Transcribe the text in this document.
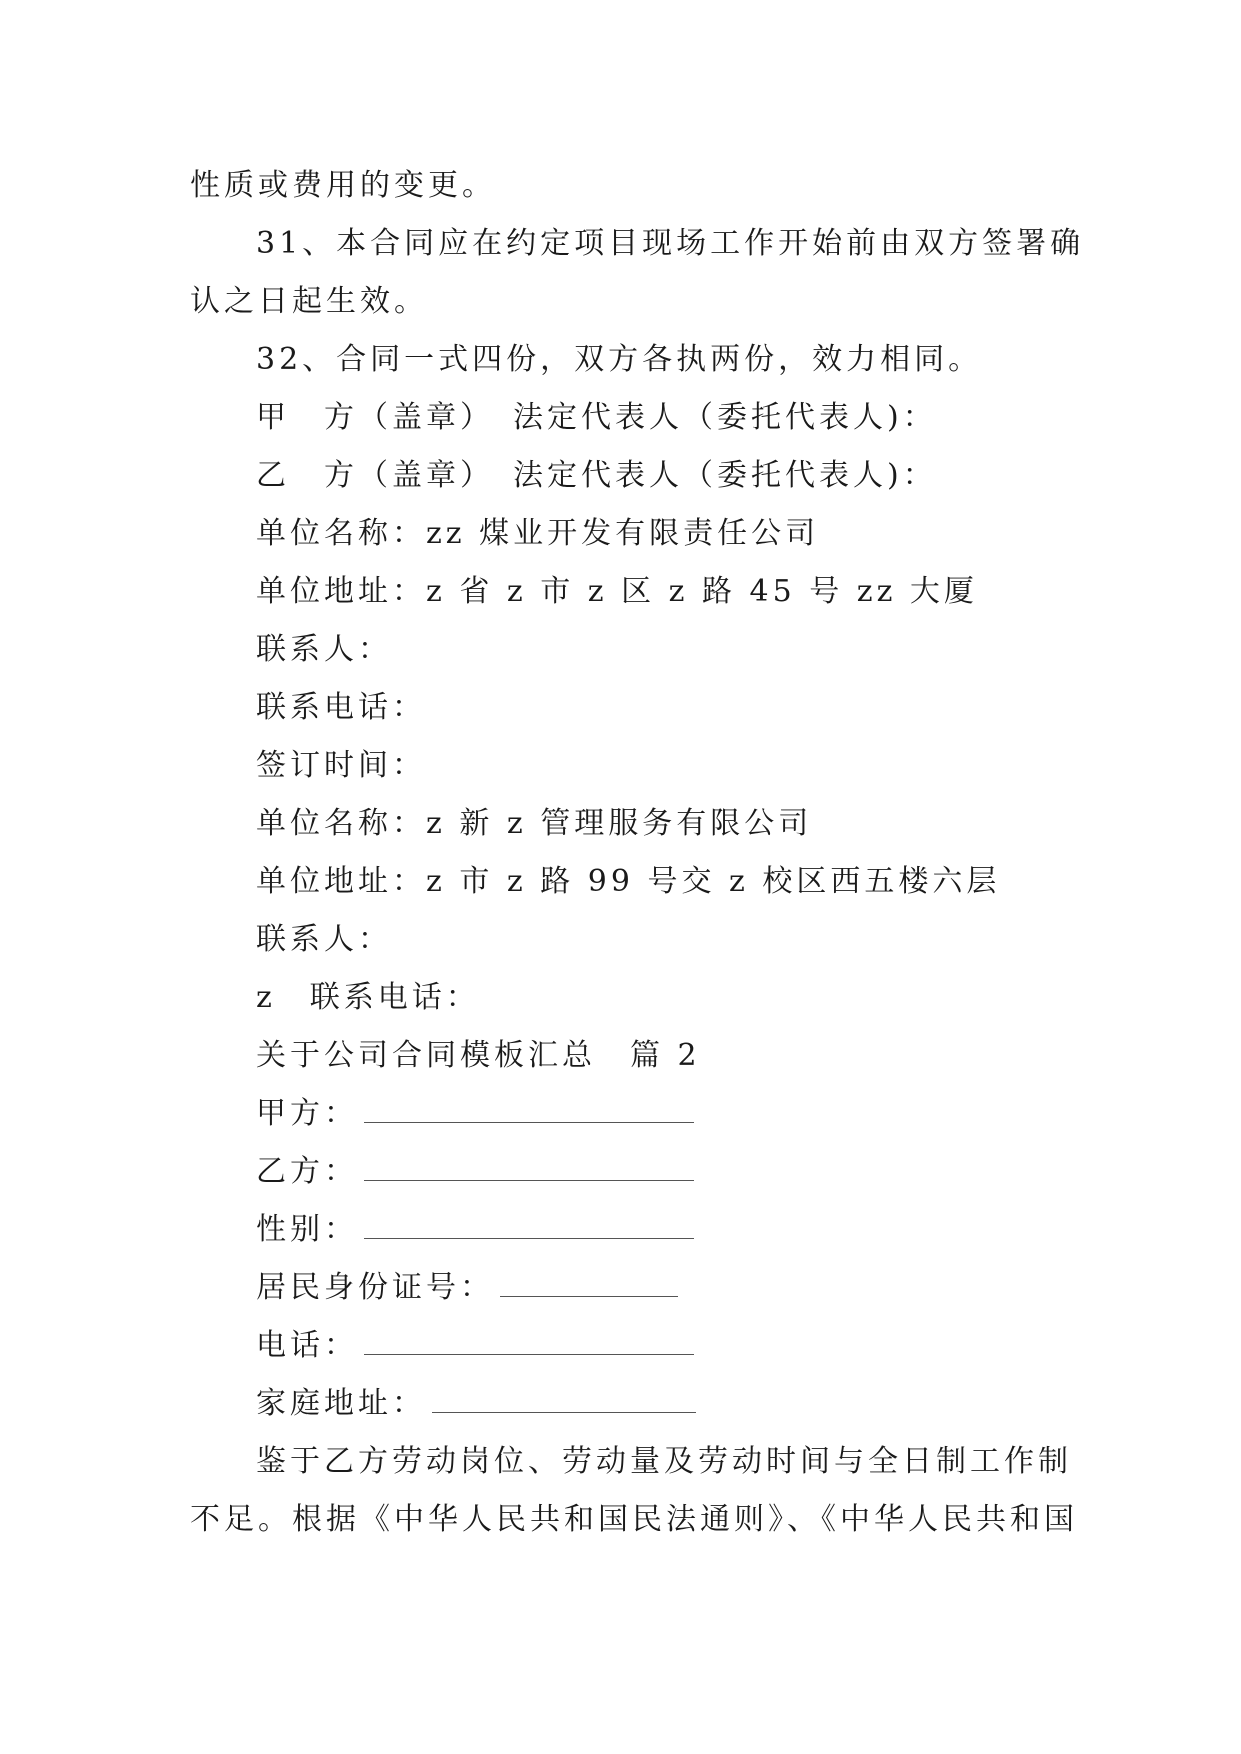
性质或费用的变更。
31、本合同应在约定项目现场工作开始前由双方签署确
认之日起生效。
32、合同一式四份，双方各执两份，效力相同。
甲　方（盖章）　法定代表人（委托代表人)：
乙　方（盖章）　法定代表人（委托代表人)：
单位名称：zz 煤业开发有限责任公司
单位地址：z 省 z 市 z 区 z 路 45 号 zz 大厦
联系人：
联系电话：
签订时间：
单位名称：z 新 z 管理服务有限公司
单位地址：z 市 z 路 99 号交 z 校区西五楼六层
联系人：
z　联系电话：
关于公司合同模板汇总　篇 2
甲方：
乙方：
性别：
居民身份证号：
电话：
家庭地址：
鉴于乙方劳动岗位、劳动量及劳动时间与全日制工作制
不足。根据《中华人民共和国民法通则》、《中华人民共和国
